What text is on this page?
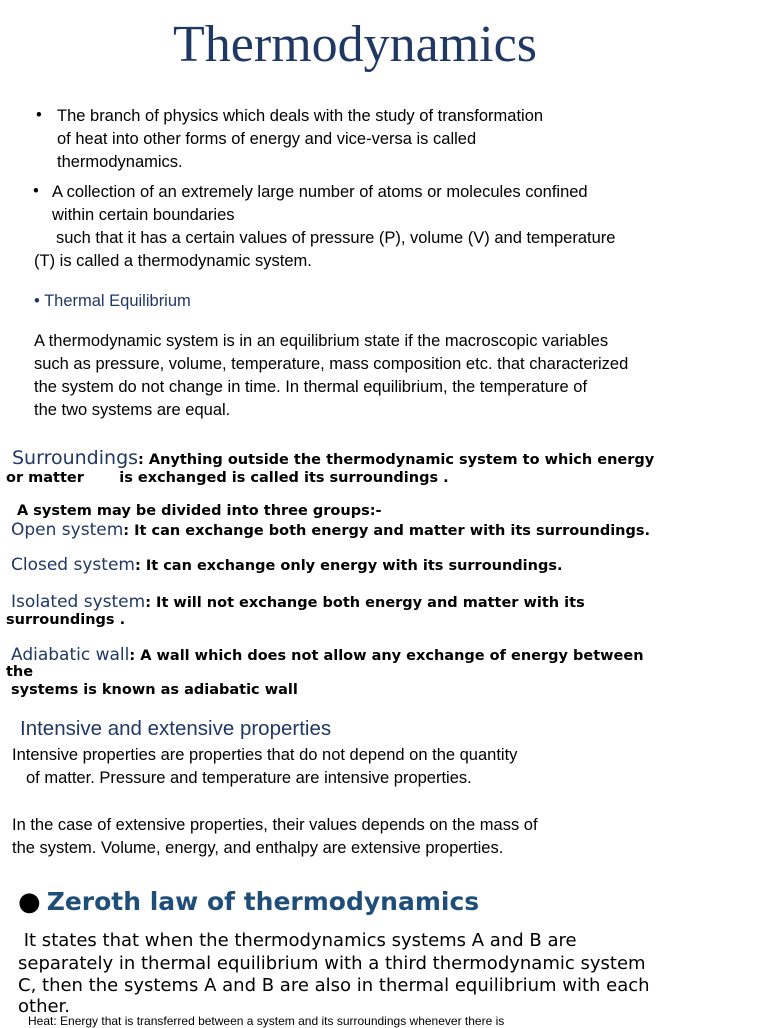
Thermodynamics
• The branch of physics which deals with the study of transformation
of heat into other forms of energy and vice-versa is called
thermodynamics.
• A collection of an extremely large number of atoms or molecules confined
within certain boundaries
such that it has a certain values of pressure (P), volume (V) and temperature
(T) is called a thermodynamic system.
• Thermal Equilibrium
A thermodynamic system is in an equilibrium state if the macroscopic variables
such as pressure, volume, temperature, mass composition etc. that characterized
the system do not change in time. In thermal equilibrium, the temperature of
the two systems are equal.
Surroundings: Anything outside the thermodynamic system to which energy
or matter       is exchanged is called its surroundings .
A system may be divided into three groups:-
Open system: It can exchange both energy and matter with its surroundings.
Closed system: It can exchange only energy with its surroundings.
Isolated system: It will not exchange both energy and matter with its
surroundings .
Adiabatic wall: A wall which does not allow any exchange of energy between
the
systems is known as adiabatic wall
Intensive and extensive properties
Intensive properties are properties that do not depend on the quantity
of matter. Pressure and temperature are intensive properties.
In the case of extensive properties, their values depends on the mass of
the system. Volume, energy, and enthalpy are extensive properties.
● Zeroth law of thermodynamics
It states that when the thermodynamics systems A and B are
separately in thermal equilibrium with a third thermodynamic system
C, then the systems A and B are also in thermal equilibrium with each
other.
Heat: Energy that is transferred between a system and its surroundings whenever there is
